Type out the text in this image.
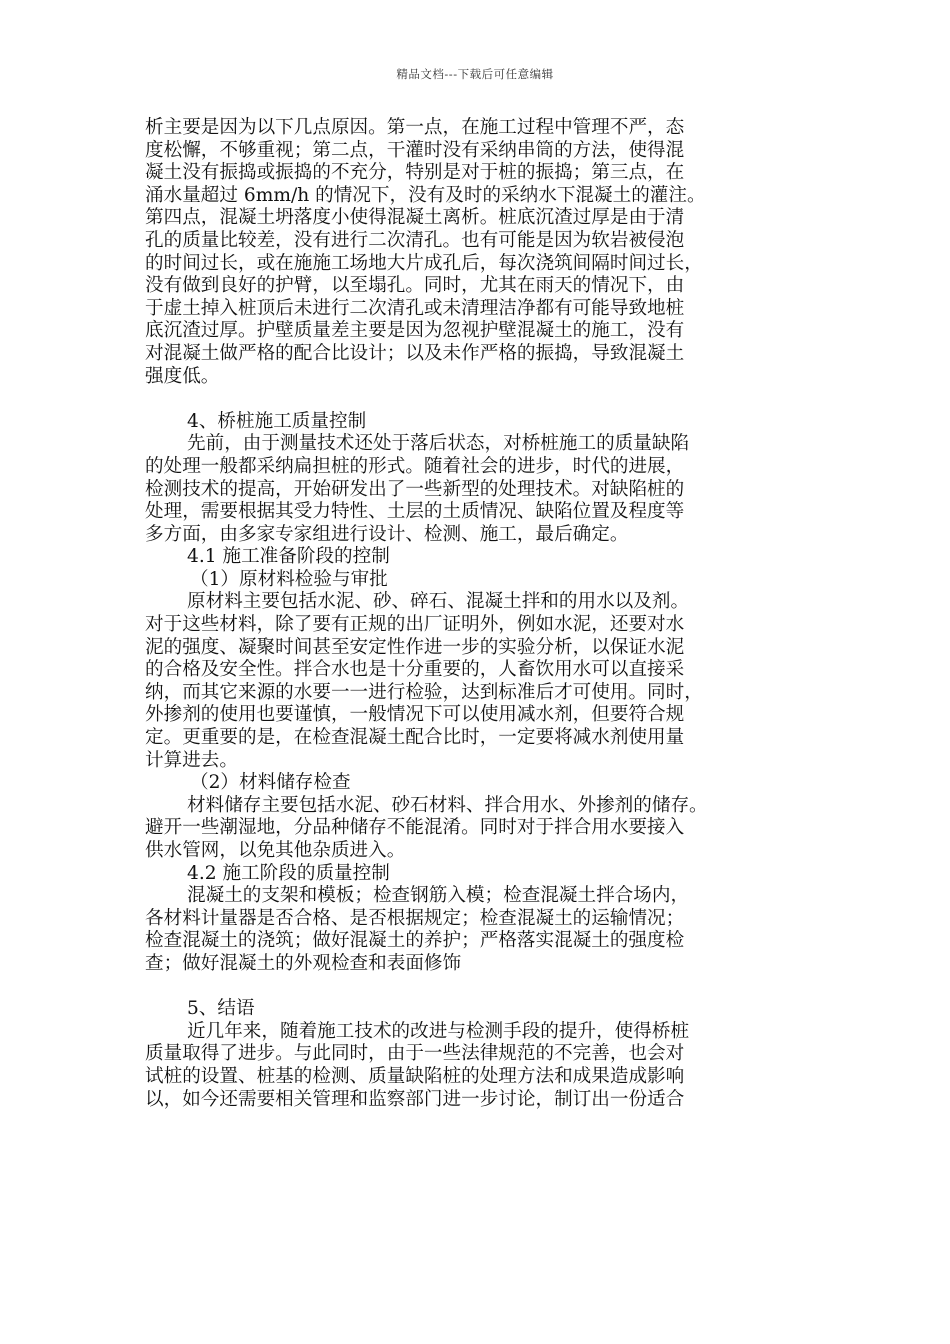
精品文档---下载后可任意编辑
析主要是因为以下几点原因。第一点，在施工过程中管理不严，态
度松懈，不够重视；第二点，干灌时没有采纳串筒的方法，使得混
凝土没有振捣或振捣的不充分，特别是对于桩的振捣；第三点，在
涌水量超过 6mm/h 的情况下，没有及时的采纳水下混凝土的灌注。
第四点，混凝土坍落度小使得混凝土离析。桩底沉渣过厚是由于清
孔的质量比较差，没有进行二次清孔。也有可能是因为软岩被侵泡
的时间过长，或在施施工场地大片成孔后，每次浇筑间隔时间过长，
没有做到良好的护臂，以至塌孔。同时，尤其在雨天的情况下，由
于虚土掉入桩顶后未进行二次清孔或未清理洁净都有可能导致地桩
底沉渣过厚。护壁质量差主要是因为忽视护壁混凝土的施工，没有
对混凝土做严格的配合比设计；以及未作严格的振捣，导致混凝土
强度低。
4、桥桩施工质量控制
先前，由于测量技术还处于落后状态，对桥桩施工的质量缺陷
的处理一般都采纳扁担桩的形式。随着社会的进步，时代的进展，
检测技术的提高，开始研发出了一些新型的处理技术。对缺陷桩的
处理，需要根据其受力特性、土层的土质情况、缺陷位置及程度等
多方面，由多家专家组进行设计、检测、施工，最后确定。
4.1 施工准备阶段的控制
（1）原材料检验与审批
原材料主要包括水泥、砂、碎石、混凝土拌和的用水以及剂。
对于这些材料，除了要有正规的出厂证明外，例如水泥，还要对水
泥的强度、凝聚时间甚至安定性作进一步的实验分析，以保证水泥
的合格及安全性。拌合水也是十分重要的，人畜饮用水可以直接采
纳，而其它来源的水要一一进行检验，达到标准后才可使用。同时，
外掺剂的使用也要谨慎，一般情况下可以使用减水剂，但要符合规
定。更重要的是，在检查混凝土配合比时，一定要将减水剂使用量
计算进去。
（2）材料储存检查
材料储存主要包括水泥、砂石材料、拌合用水、外掺剂的储存。
避开一些潮湿地，分品种储存不能混淆。同时对于拌合用水要接入
供水管网，以免其他杂质进入。
4.2 施工阶段的质量控制
混凝土的支架和模板；检查钢筋入模；检查混凝土拌合场内，
各材料计量器是否合格、是否根据规定；检查混凝土的运输情况；
检查混凝土的浇筑；做好混凝土的养护；严格落实混凝土的强度检
查；做好混凝土的外观检查和表面修饰
5、结语
近几年来，随着施工技术的改进与检测手段的提升，使得桥桩
质量取得了进步。与此同时，由于一些法律规范的不完善，也会对
试桩的设置、桩基的检测、质量缺陷桩的处理方法和成果造成影响
以，如今还需要相关管理和监察部门进一步讨论，制订出一份适合
